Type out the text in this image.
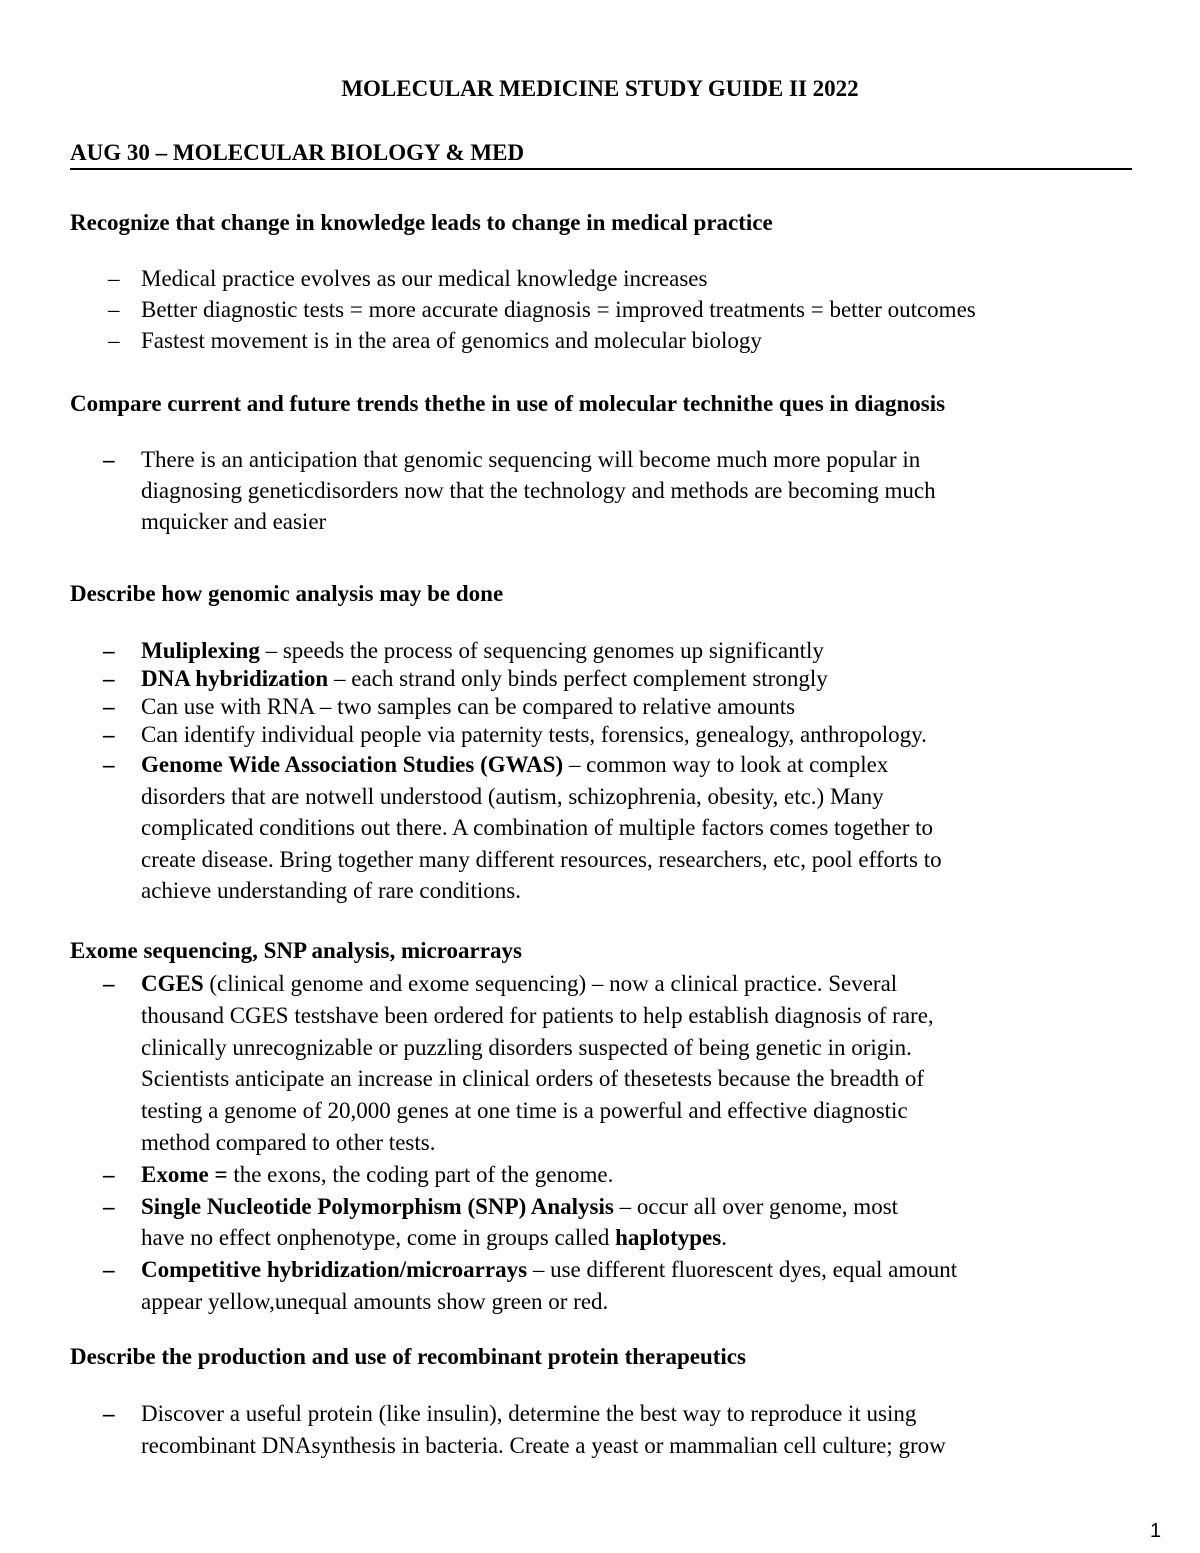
MOLECULAR MEDICINE STUDY GUIDE II 2022
AUG 30 – MOLECULAR BIOLOGY & MED

Recognize that change in knowledge leads to change in medical practice

– Medical practice evolves as our medical knowledge increases
– Better diagnostic tests = more accurate diagnosis = improved treatments = better outcomes
– Fastest movement is in the area of genomics and molecular biology

Compare current and future trends thethe in use of molecular technithe ques in diagnosis

–	There is an anticipation that genomic sequencing will become much more popular in
diagnosing geneticdisorders now that the technology and methods are becoming much
mquicker and easier

Describe how genomic analysis may be done

–	Muliplexing – speeds the process of sequencing genomes up significantly
–	DNA hybridization – each strand only binds perfect complement strongly
–	Can use with RNA – two samples can be compared to relative amounts
–	Can identify individual people via paternity tests, forensics, genealogy, anthropology.
–	Genome Wide Association Studies (GWAS) – common way to look at complex
disorders that are notwell understood (autism, schizophrenia, obesity, etc.) Many
complicated conditions out there. A combination of multiple factors comes together to
create disease. Bring together many different resources, researchers, etc, pool efforts to
achieve understanding of rare conditions.

Exome sequencing, SNP analysis, microarrays

–	CGES (clinical genome and exome sequencing) – now a clinical practice. Several
thousand CGES testshave been ordered for patients to help establish diagnosis of rare,
clinically unrecognizable or puzzling disorders suspected of being genetic in origin.
Scientists anticipate an increase in clinical orders of thesetests because the breadth of
testing a genome of 20,000 genes at one time is a powerful and effective diagnostic
method compared to other tests.
–	Exome = the exons, the coding part of the genome.
–	Single Nucleotide Polymorphism (SNP) Analysis – occur all over genome, most
have no effect onphenotype, come in groups called haplotypes.
–	Competitive hybridization/microarrays – use different fluorescent dyes, equal amount
appear yellow,unequal amounts show green or red.

Describe the production and use of recombinant protein therapeutics

–	Discover a useful protein (like insulin), determine the best way to reproduce it using
recombinant DNAsynthesis in bacteria. Create a yeast or mammalian cell culture; grow
1
